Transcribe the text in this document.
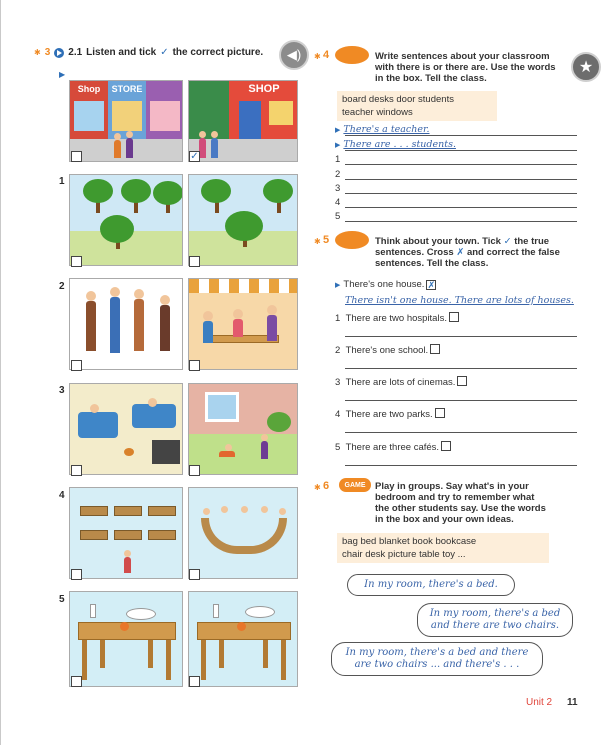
✱ 3 2.1 Listen and tick ✓ the correct picture. ◀)
▶
Shop	STORE	SHOP
✓
1
2
3
4
5
✱ 4	Write sentences about your classroom
with there is or there are. Use the words
in the box. Tell the class.
★
board desks door students
teacher windows
▶ There's a teacher.
▶ There are . . . students.
1
2
3
4
5
✱ 5	Think about your town. Tick ✓ the true
sentences. Cross ✗ and correct the false
sentences. Tell the class.
▶ There's one house. ✗
There isn't one house. There are lots of houses.
1 There are two hospitals.
2 There's one school.
3 There are lots of cinemas.
4 There are two parks.
5 There are three cafés.
✱ 6	GAME	Play in groups. Say what's in your
bedroom and try to remember what
the other students say. Use the words
in the box and your own ideas.
bag bed blanket book bookcase
chair desk picture table toy ...
In my room, there's a bed.
In my room, there's a bed
and there are two chairs.
In my room, there's a bed and there
are two chairs ... and there's . . .
Unit 2 11
